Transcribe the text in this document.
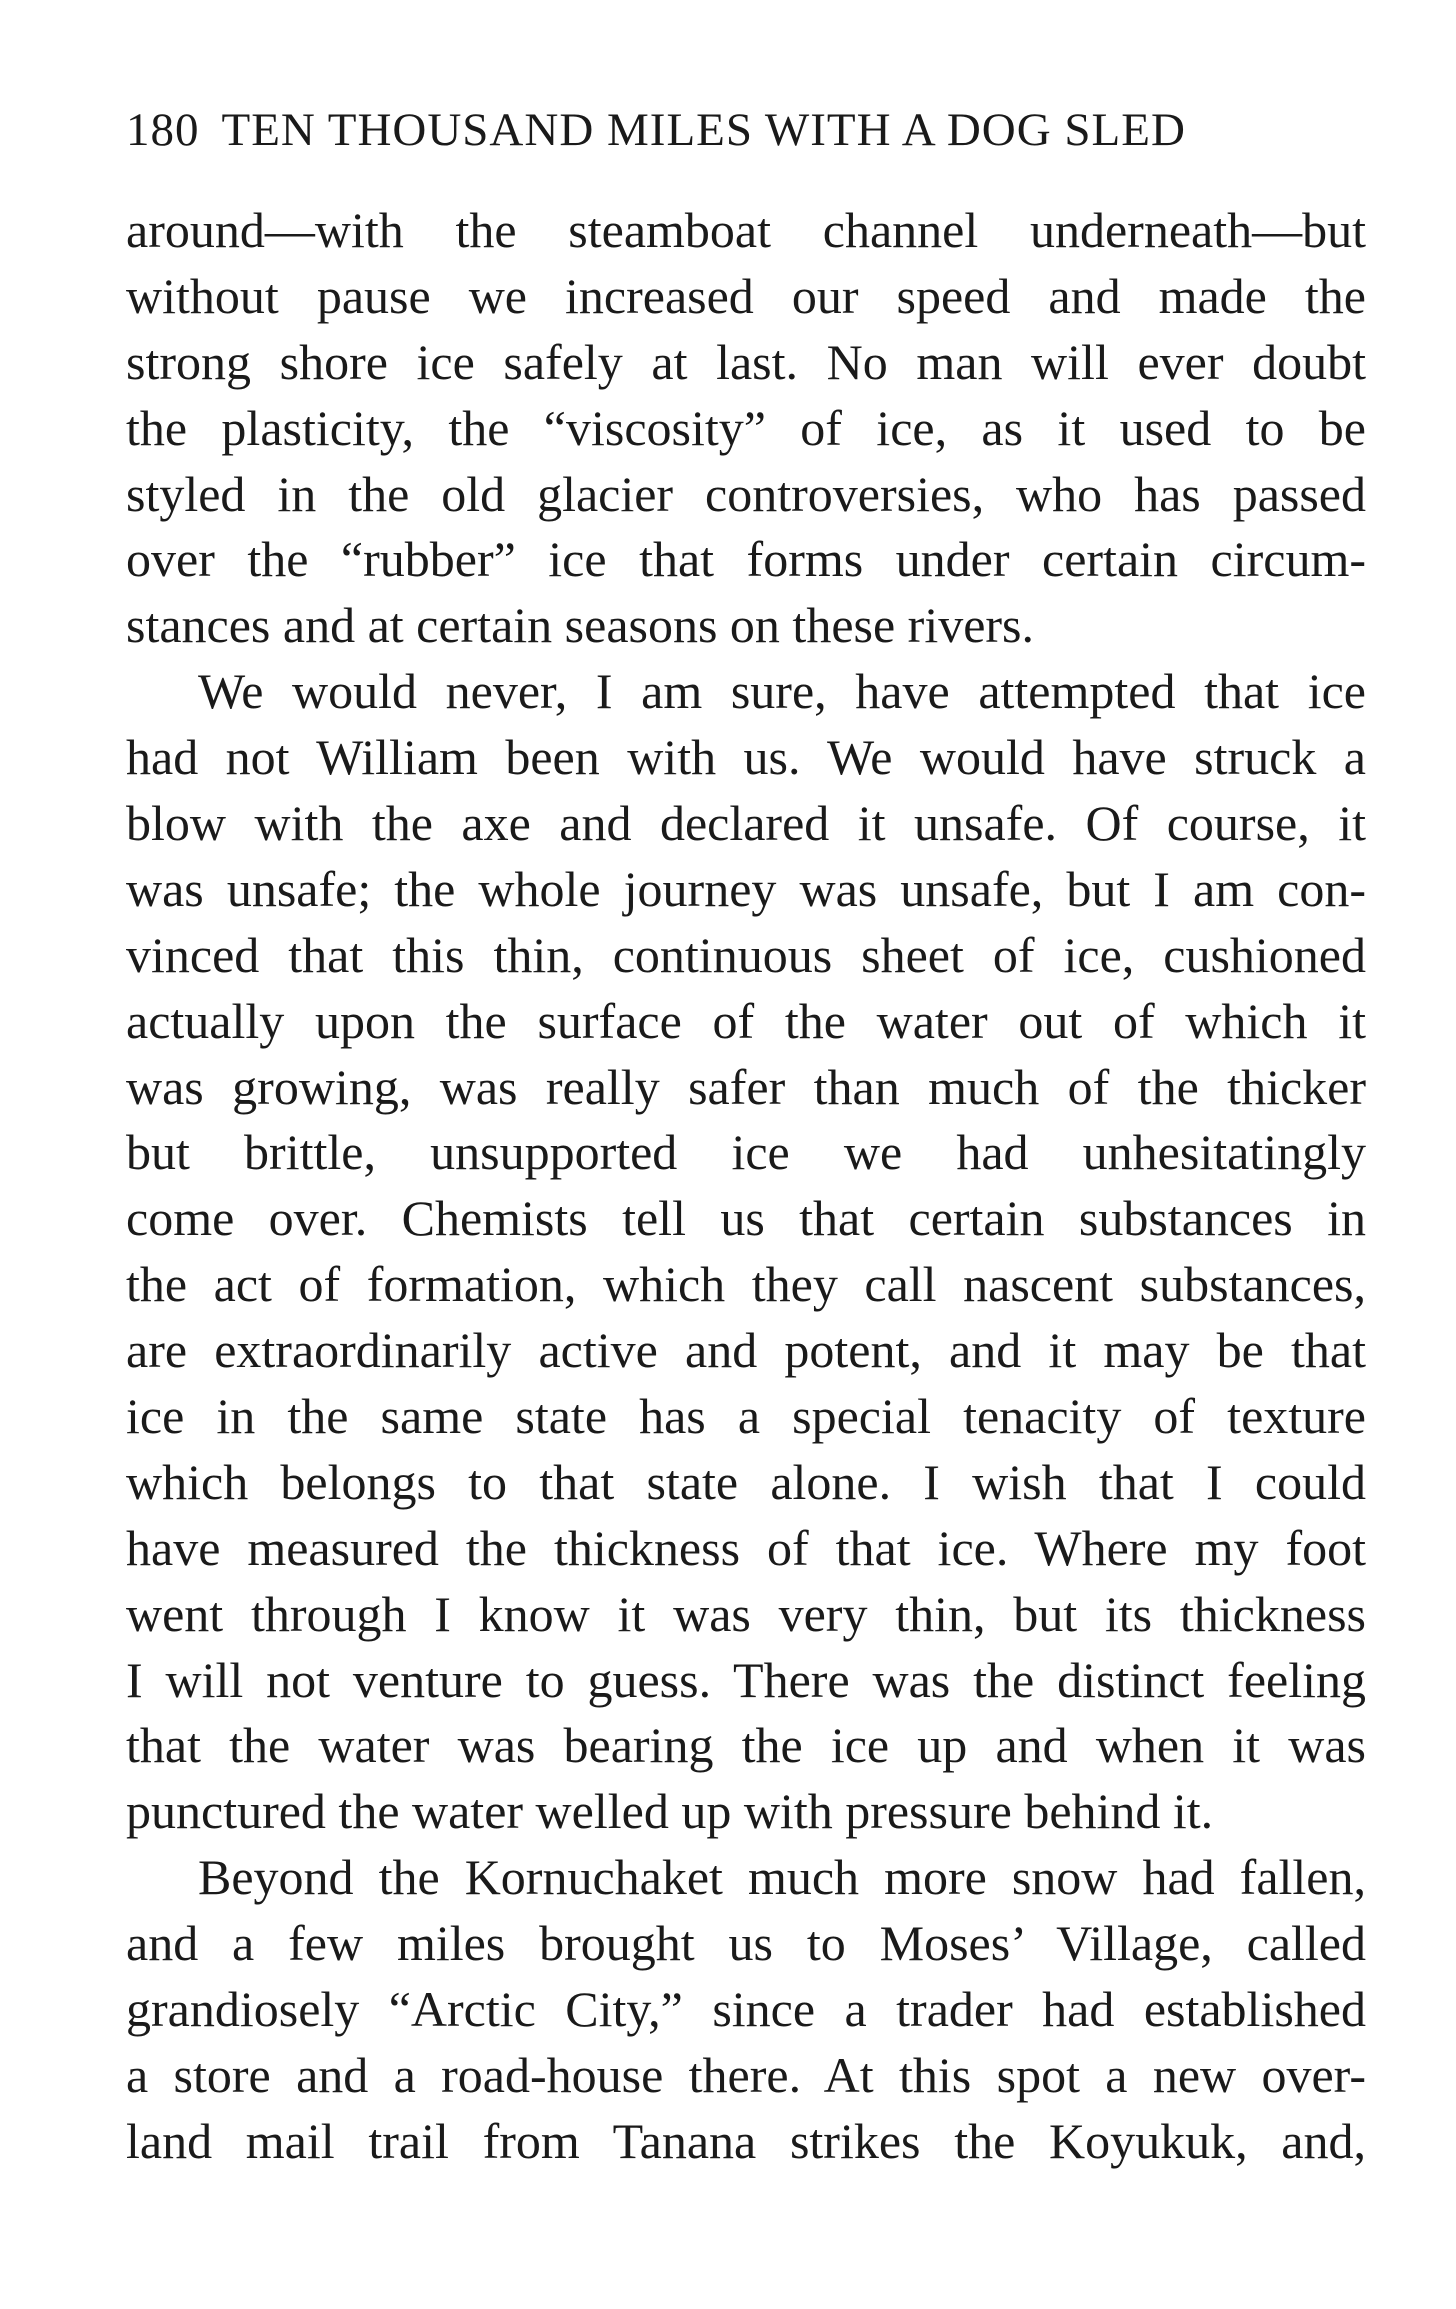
180 TEN THOUSAND MILES WITH A DOG SLED
around—with the steamboat channel underneath—but
without pause we increased our speed and made the
strong shore ice safely at last. No man will ever doubt
the plasticity, the “viscosity” of ice, as it used to be
styled in the old glacier controversies, who has passed
over the “rubber” ice that forms under certain circum-
stances and at certain seasons on these rivers.
We would never, I am sure, have attempted that ice
had not William been with us. We would have struck a
blow with the axe and declared it unsafe. Of course, it
was unsafe; the whole journey was unsafe, but I am con-
vinced that this thin, continuous sheet of ice, cushioned
actually upon the surface of the water out of which it
was growing, was really safer than much of the thicker
but brittle, unsupported ice we had unhesitatingly
come over. Chemists tell us that certain substances in
the act of formation, which they call nascent substances,
are extraordinarily active and potent, and it may be that
ice in the same state has a special tenacity of texture
which belongs to that state alone. I wish that I could
have measured the thickness of that ice. Where my foot
went through I know it was very thin, but its thickness
I will not venture to guess. There was the distinct feeling
that the water was bearing the ice up and when it was
punctured the water welled up with pressure behind it.
Beyond the Kornuchaket much more snow had fallen,
and a few miles brought us to Moses’ Village, called
grandiosely “Arctic City,” since a trader had established
a store and a road-house there. At this spot a new over-
land mail trail from Tanana strikes the Koyukuk, and,
